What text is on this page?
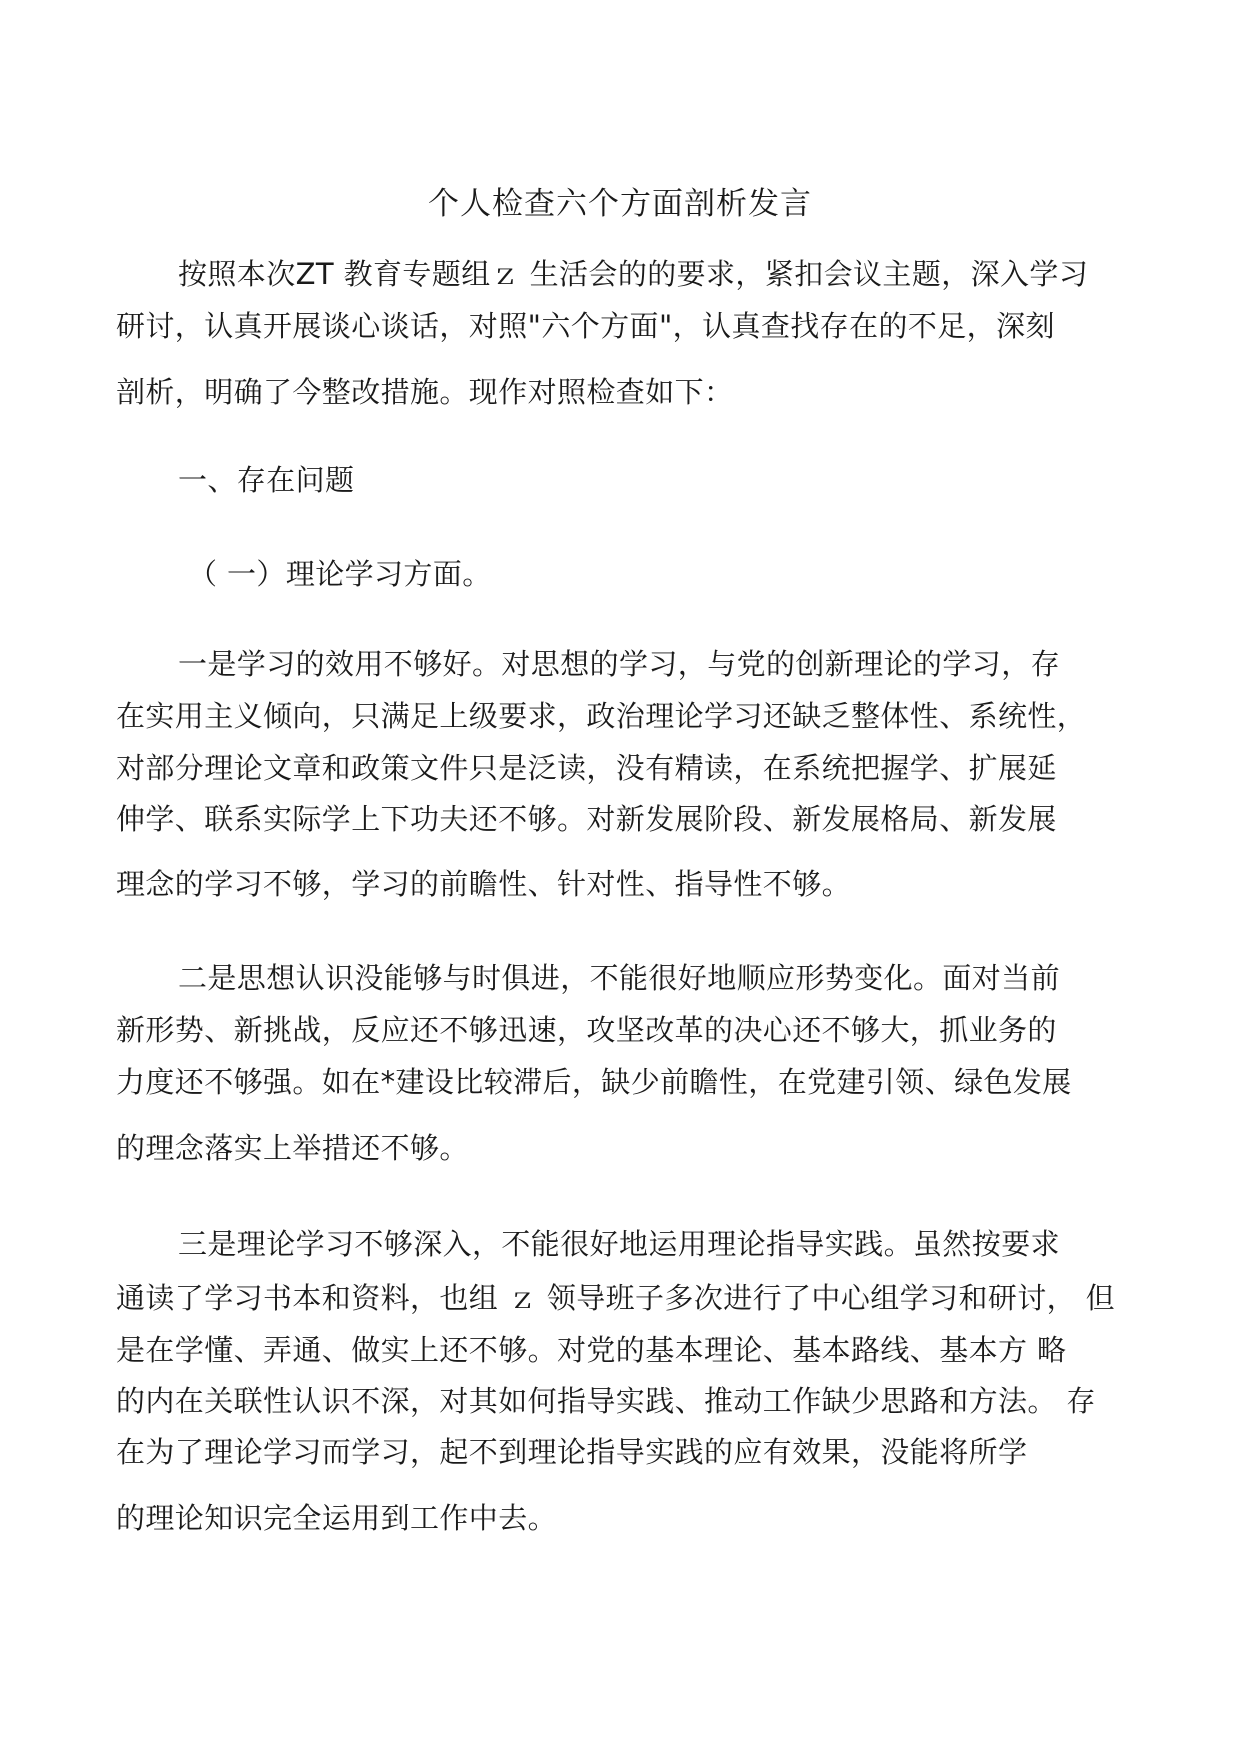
个人检查六个方面剖析发言

按照本次ZT 教育专题组ｚ 生活会的的要求，紧扣会议主题，深入学习

研讨，认真开展谈心谈话，对照"六个方面"，认真查找存在的不足，深刻

剖析，明确了今整改措施。现作对照检查如下：

一、存在问题

（ 一）理论学习方面。

一是学习的效用不够好。对思想的学习，与党的创新理论的学习，存

在实用主义倾向，只满足上级要求，政治理论学习还缺乏整体性、系统性，

对部分理论文章和政策文件只是泛读，没有精读，在系统把握学、扩展延

伸学、联系实际学上下功夫还不够。对新发展阶段、新发展格局、新发展

理念的学习不够，学习的前瞻性、针对性、指导性不够。

二是思想认识没能够与时俱进，不能很好地顺应形势变化。面对当前

新形势、新挑战，反应还不够迅速，攻坚改革的决心还不够大，抓业务的

力度还不够强。如在*建设比较滞后，缺少前瞻性，在党建引领、绿色发展

的理念落实上举措还不够。

三是理论学习不够深入，不能很好地运用理论指导实践。虽然按要求

通读了学习书本和资料，也组 ｚ 领导班子多次进行了中心组学习和研讨， 但

是在学懂、弄通、做实上还不够。对党的基本理论、基本路线、基本方 略

的内在关联性认识不深，对其如何指导实践、推动工作缺少思路和方法。 存

在为了理论学习而学习，起不到理论指导实践的应有效果，没能将所学

的理论知识完全运用到工作中去。
